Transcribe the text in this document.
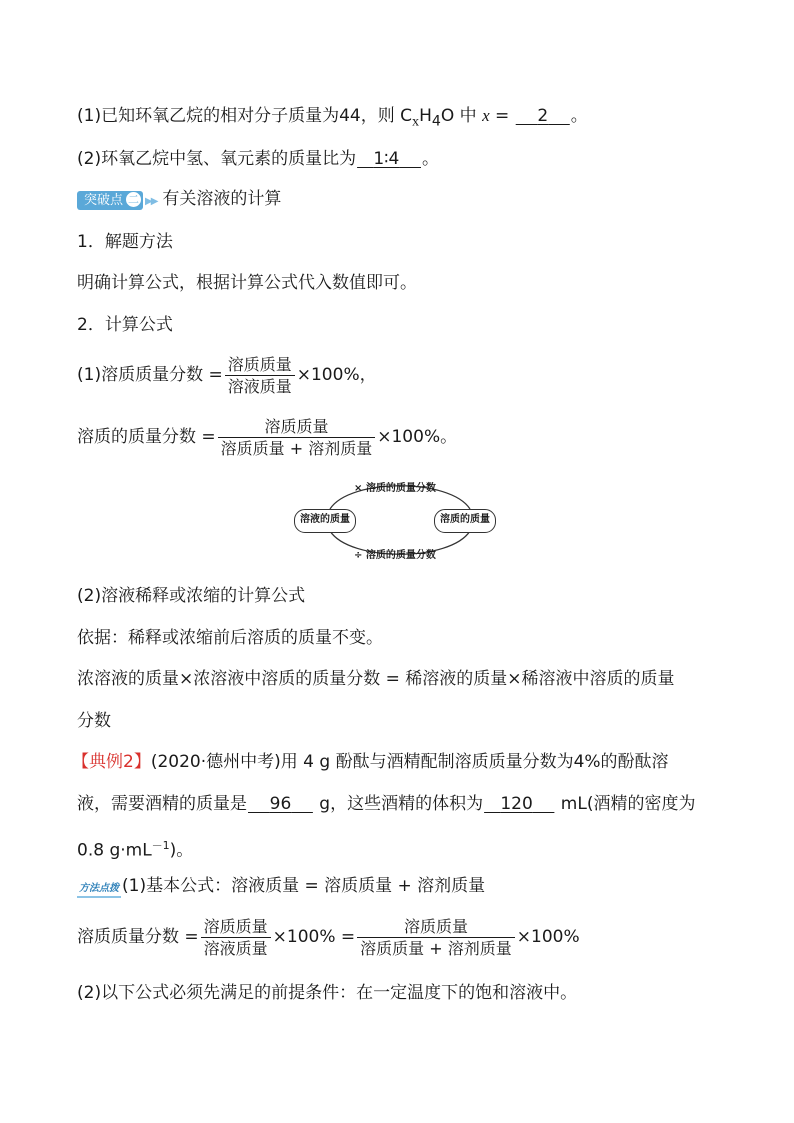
(1)已知环氧乙烷的相对分子质量为44，则 $C_xH_4O$ 中 x = 2 。
(2)环氧乙烷中氢、氧元素的质量比为 1∶4 。
突破点 二 ▶▶ 有关溶液的计算
1．解题方法
明确计算公式，根据计算公式代入数值即可。
2．计算公式
(1)溶质质量分数 = $\frac{\text{溶质质量}}{\text{溶液质量}} \times 100\%$，
溶质的质量分数 = $\frac{\text{溶质质量}}{\text{溶质质量 + 溶剂质量}} \times 100\%$。
× 溶质的质量分数
溶液的质量	溶质的质量
÷ 溶质的质量分数
(2)溶液稀释或浓缩的计算公式
依据：稀释或浓缩前后溶质的质量不变。
浓溶液的质量×浓溶液中溶质的质量分数 = 稀溶液的质量×稀溶液中溶质的质量
分数
【典例2】(2020·德州中考)用 4 g 酚酞与酒精配制溶质质量分数为4%的酚酞溶
液，需要酒精的质量是 96     g，这些酒精的体积为 120     mL(酒精的密度为
0.8 $g\cdot mL^{-1}$)。
方法点拨 (1)基本公式：溶液质量 = 溶质质量 + 溶剂质量
溶质质量分数 = $\frac{\text{溶质质量}}{\text{溶液质量}} \times 100\% = \frac{\text{溶质质量}}{\text{溶质质量 + 溶剂质量}} \times 100\%$
(2)以下公式必须先满足的前提条件：在一定温度下的饱和溶液中。
